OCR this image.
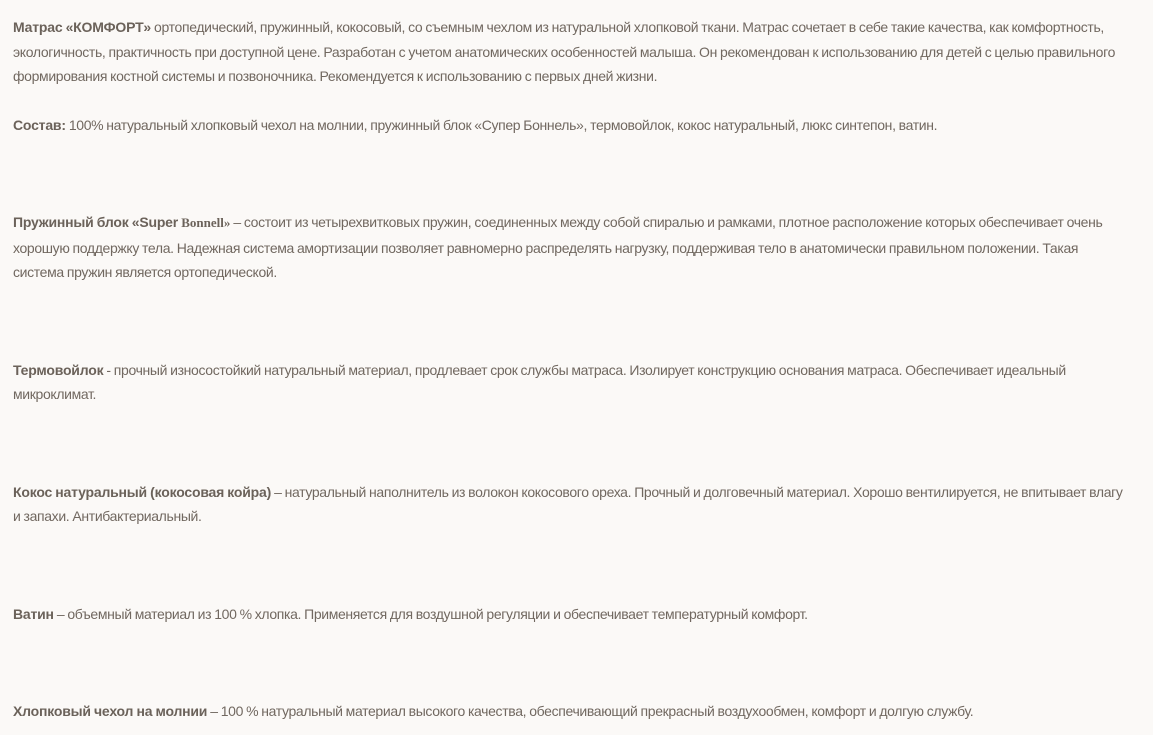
Матрас «КОМФОРТ» ортопедический, пружинный, кокосовый, со съемным чехлом из натуральной хлопковой ткани. Матрас сочетает в себе такие качества, как комфортность, экологичность, практичность при доступной цене. Разработан с учетом анатомических особенностей малыша. Он рекомендован к использованию для детей с целью правильного формирования костной системы и позвоночника. Рекомендуется к использованию с первых дней жизни.

Состав: 100% натуральный хлопковый чехол на молнии, пружинный блок «Супер Боннель», термовойлок, кокос натуральный, люкс синтепон, ватин.

Пружинный блок «Super Bonnell» – состоит из четырехвитковых пружин, соединенных между собой спиралью и рамками, плотное расположение которых обеспечивает очень хорошую поддержку тела. Надежная система амортизации позволяет равномерно распределять нагрузку, поддерживая тело в анатомически правильном положении. Такая система пружин является ортопедической.

Термовойлок - прочный износостойкий натуральный материал, продлевает срок службы матраса. Изолирует конструкцию основания матраса. Обеспечивает идеальный микроклимат.

Кокос натуральный (кокосовая койра) – натуральный наполнитель из волокон кокосового ореха. Прочный и долговечный материал. Хорошо вентилируется, не впитывает влагу и запахи. Антибактериальный.

Ватин – объемный материал из 100 % хлопка. Применяется для воздушной регуляции и обеспечивает температурный комфорт.

Хлопковый чехол на молнии – 100 % натуральный материал высокого качества, обеспечивающий прекрасный воздухообмен, комфорт и долгую службу.
